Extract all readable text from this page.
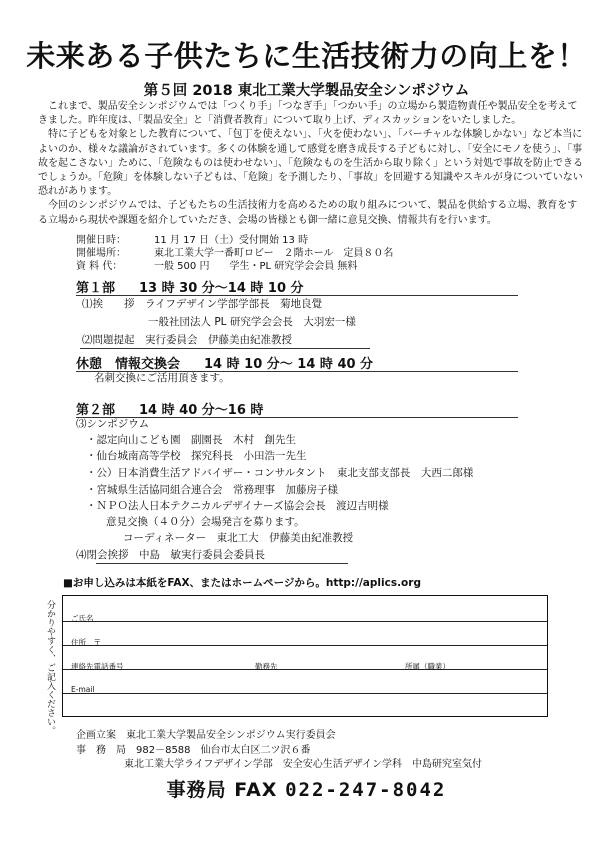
未来ある子供たちに生活技術力の向上を！
第５回 2018 東北工業大学製品安全シンポジウム

これまで、製品安全シンポジウムでは「つくり手」「つなぎ手」「つかい手」の立場から製造物責任や製品安全を考えてきました。昨年度は、「製品安全」と「消費者教育」について取り上げ、ディスカッションをいたしました。

特に子どもを対象とした教育について、「包丁を使えない」、「火を使わない」、「バーチャルな体験しかない」など本当によいのか、様々な議論がされています。多くの体験を通して感覚を磨き成長する子どもに対し、「安全にモノを使う」、「事故を起こさない」ために、「危険なものは使わせない」、「危険なものを生活から取り除く」という対処で事故を防止できるでしょうか。「危険」を体験しない子どもは、「危険」を予測したり、「事故」を回避する知識やスキルが身についていない恐れがあります。

今回のシンポジウムでは、子どもたちの生活技術力を高めるための取り組みについて、製品を供給する立場、教育をする立場から現状や課題を紹介していただき、会場の皆様とも御一緒に意見交換、情報共有を行います。

開催日時：	11 月 17 日（土）受付開始 13 時
開催場所：	東北工業大学一番町ロビー　２階ホール　定員８０名
資 料 代：	一般 500 円　　学生・PL 研究学会会員 無料
第１部 13 時 30 分〜14 時 10 分
⑴挨　　拶　ライフデザイン学部学部長　菊地良覺
一般社団法人 PL 研究学会会長　大羽宏一様
⑵問題提起　実行委員会　伊藤美由紀准教授
休憩　情報交換会 14 時 10 分〜 14 時 40 分
名刺交換にご活用頂きます。
第２部 14 時 40 分〜16 時
⑶シンポジウム
・認定向山こども園　副園長　木村　創先生
・仙台城南高等学校　探究科長　小田浩一先生
・公）日本消費生活アドバイザー・コンサルタント　東北支部支部長　大西二郎様
・宮城県生活協同組合連合会　常務理事　加藤房子様
・ＮＰＯ法人日本テクニカルデザイナーズ協会会長　渡辺吉明様
意見交換（４０分）会場発言を募ります。
コーディネーター　東北工大　伊藤美由紀准教授
⑷閉会挨拶　中島　敏実行委員会委員長
■お申し込みは本紙をFAX、またはホームページから。http://aplics.org
分かりやすく、ご記入ください。 ご氏名
住所　〒
連絡先電話番号	勤務先	所属（職業）
E-mail
企画立案　 東北工業大学製品安全シンポジウム実行委員会
事　務　局　 982－8588　仙台市太白区二ツ沢６番
東北工業大学ライフデザイン学部　安全安心生活デザイン学科　中島研究室気付
事務局 FAX 022-247-8042
